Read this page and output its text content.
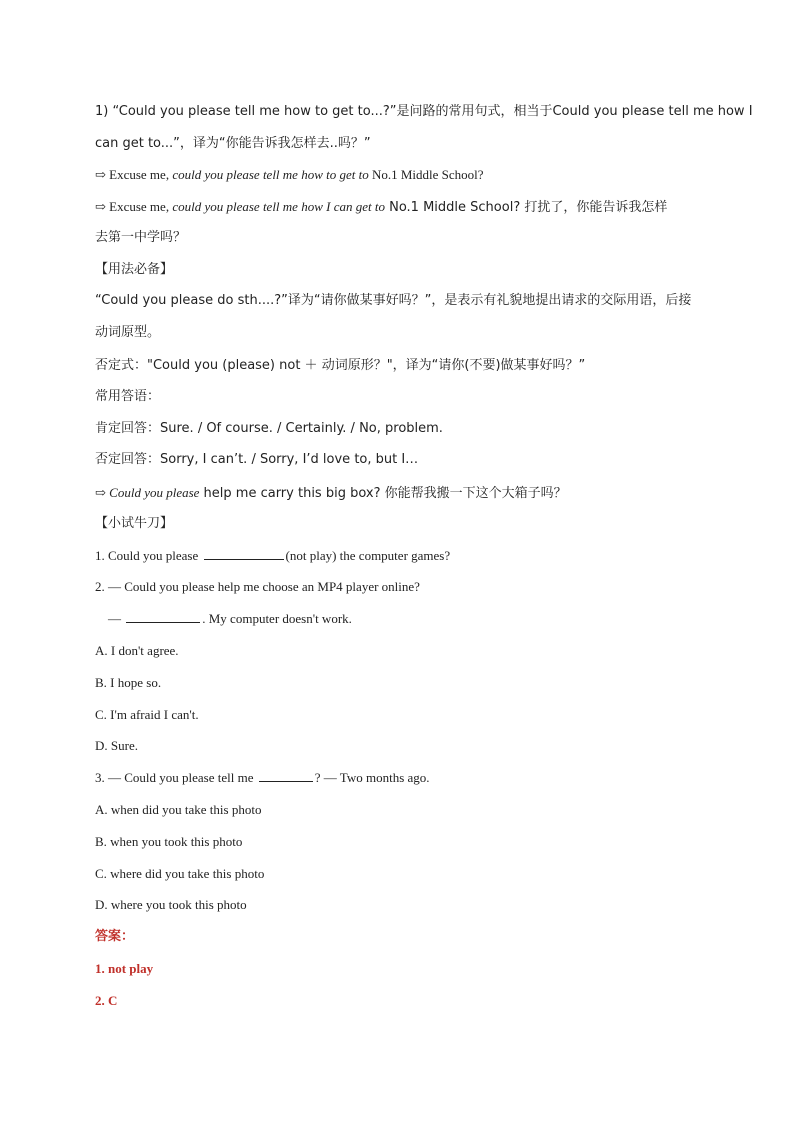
1) “Could you please tell me how to get to...?”是问路的常用句式，相当于Could you please tell me how I
can get to...”，译为“你能告诉我怎样去..吗？”
⇨ Excuse me, could you please tell me how to get to No.1 Middle School?
⇨ Excuse me, could you please tell me how I can get to No.1 Middle School? 打扰了，你能告诉我怎样
去第一中学吗？
【用法必备】
“Could you please do sth....?”译为“请你做某事好吗？”，是表示有礼貌地提出请求的交际用语，后接
动词原型。
否定式："Could you (please) not ＋ 动词原形？"，译为“请你(不要)做某事好吗？”
常用答语：
肯定回答：Sure. / Of course. / Certainly. / No, problem.
否定回答：Sorry, I can’t. / Sorry, I’d love to, but I…
⇨ Could you please help me carry this big box? 你能帮我搬一下这个大箱子吗？
【小试牛刀】
1. Could you please	(not play) the computer games?
2. — Could you please help me choose an MP4 player online?
—	. My computer doesn't work.
A. I don't agree.
B. I hope so.
C. I'm afraid I can't.
D. Sure.
3. — Could you please tell me	? — Two months ago.
A. when did you take this photo
B. when you took this photo
C. where did you take this photo
D. where you took this photo
答案：
1. not play
2. C
